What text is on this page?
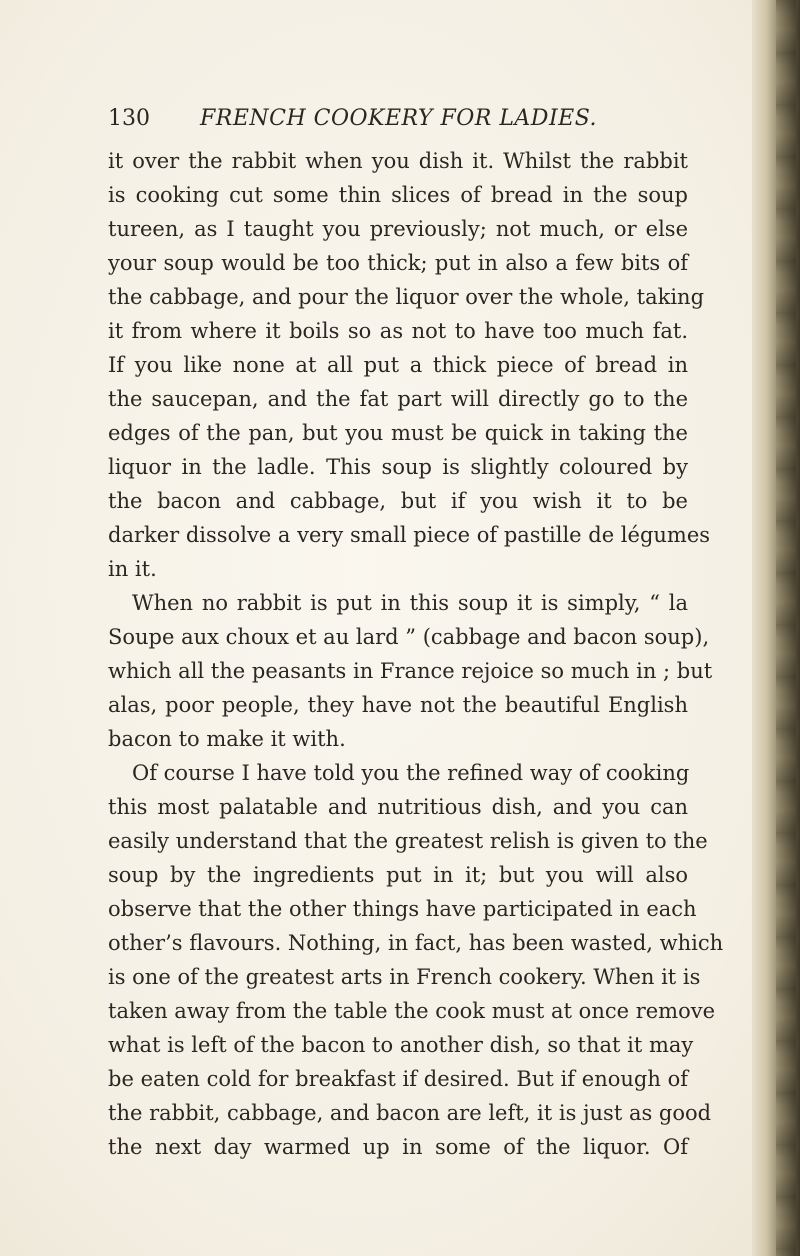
130 FRENCH COOKERY FOR LADIES.
it over the rabbit when you dish it. Whilst the rabbit
is cooking cut some thin slices of bread in the soup
tureen, as I taught you previously; not much, or else
your soup would be too thick; put in also a few bits of
the cabbage, and pour the liquor over the whole, taking
it from where it boils so as not to have too much fat.
If you like none at all put a thick piece of bread in
the saucepan, and the fat part will directly go to the
edges of the pan, but you must be quick in taking the
liquor in the ladle. This soup is slightly coloured by
the bacon and cabbage, but if you wish it to be
darker dissolve a very small piece of pastille de légumes
in it.
When no rabbit is put in this soup it is simply, “ la
Soupe aux choux et au lard ” (cabbage and bacon soup),
which all the peasants in France rejoice so much in ; but
alas, poor people, they have not the beautiful English
bacon to make it with.
Of course I have told you the refined way of cooking
this most palatable and nutritious dish, and you can
easily understand that the greatest relish is given to the
soup by the ingredients put in it; but you will also
observe that the other things have participated in each
other’s flavours. Nothing, in fact, has been wasted, which
is one of the greatest arts in French cookery. When it is
taken away from the table the cook must at once remove
what is left of the bacon to another dish, so that it may
be eaten cold for breakfast if desired. But if enough of
the rabbit, cabbage, and bacon are left, it is just as good
the next day warmed up in some of the liquor. Of
